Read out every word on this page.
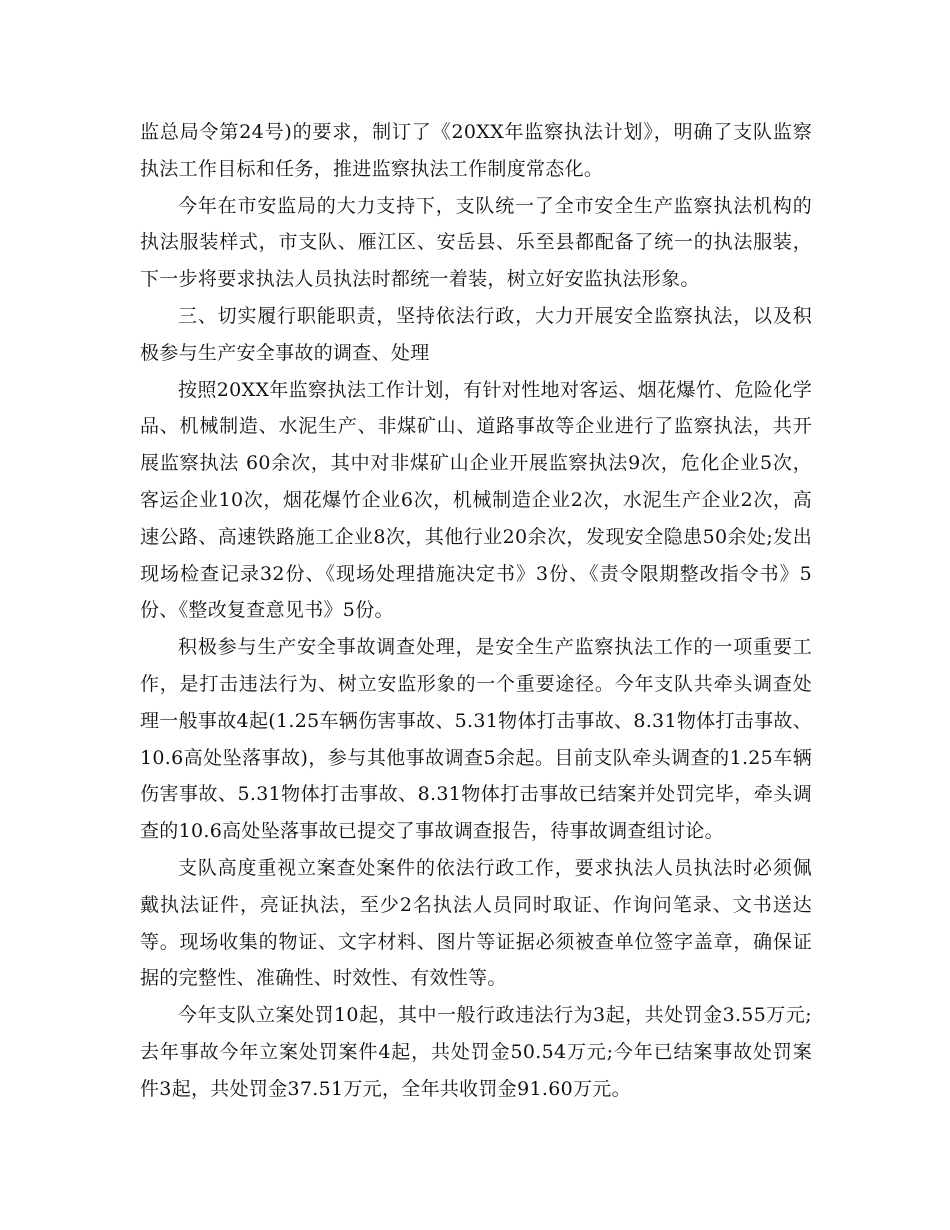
监总局令第24号)的要求，制订了《20XX年监察执法计划》，明确了支队监察执法工作目标和任务，推进监察执法工作制度常态化。

今年在市安监局的大力支持下，支队统一了全市安全生产监察执法机构的执法服装样式，市支队、雁江区、安岳县、乐至县都配备了统一的执法服装，下一步将要求执法人员执法时都统一着装，树立好安监执法形象。

三、切实履行职能职责，坚持依法行政，大力开展安全监察执法，以及积极参与生产安全事故的调查、处理

按照20XX年监察执法工作计划，有针对性地对客运、烟花爆竹、危险化学品、机械制造、水泥生产、非煤矿山、道路事故等企业进行了监察执法，共开展监察执法 60余次，其中对非煤矿山企业开展监察执法9次，危化企业5次，客运企业10次，烟花爆竹企业6次，机械制造企业2次，水泥生产企业2次，高速公路、高速铁路施工企业8次，其他行业20余次，发现安全隐患50余处;发出现场检查记录32份、《现场处理措施决定书》3份、《责令限期整改指令书》5份、《整改复查意见书》5份。

积极参与生产安全事故调查处理，是安全生产监察执法工作的一项重要工作，是打击违法行为、树立安监形象的一个重要途径。今年支队共牵头调查处理一般事故4起(1.25车辆伤害事故、5.31物体打击事故、8.31物体打击事故、10.6高处坠落事故)，参与其他事故调查5余起。目前支队牵头调查的1.25车辆伤害事故、5.31物体打击事故、8.31物体打击事故已结案并处罚完毕，牵头调查的10.6高处坠落事故已提交了事故调查报告，待事故调查组讨论。

支队高度重视立案查处案件的依法行政工作，要求执法人员执法时必须佩戴执法证件，亮证执法，至少2名执法人员同时取证、作询问笔录、文书送达等。现场收集的物证、文字材料、图片等证据必须被查单位签字盖章，确保证据的完整性、准确性、时效性、有效性等。

今年支队立案处罚10起，其中一般行政违法行为3起，共处罚金3.55万元;去年事故今年立案处罚案件4起，共处罚金50.54万元;今年已结案事故处罚案件3起，共处罚金37.51万元，全年共收罚金91.60万元。
